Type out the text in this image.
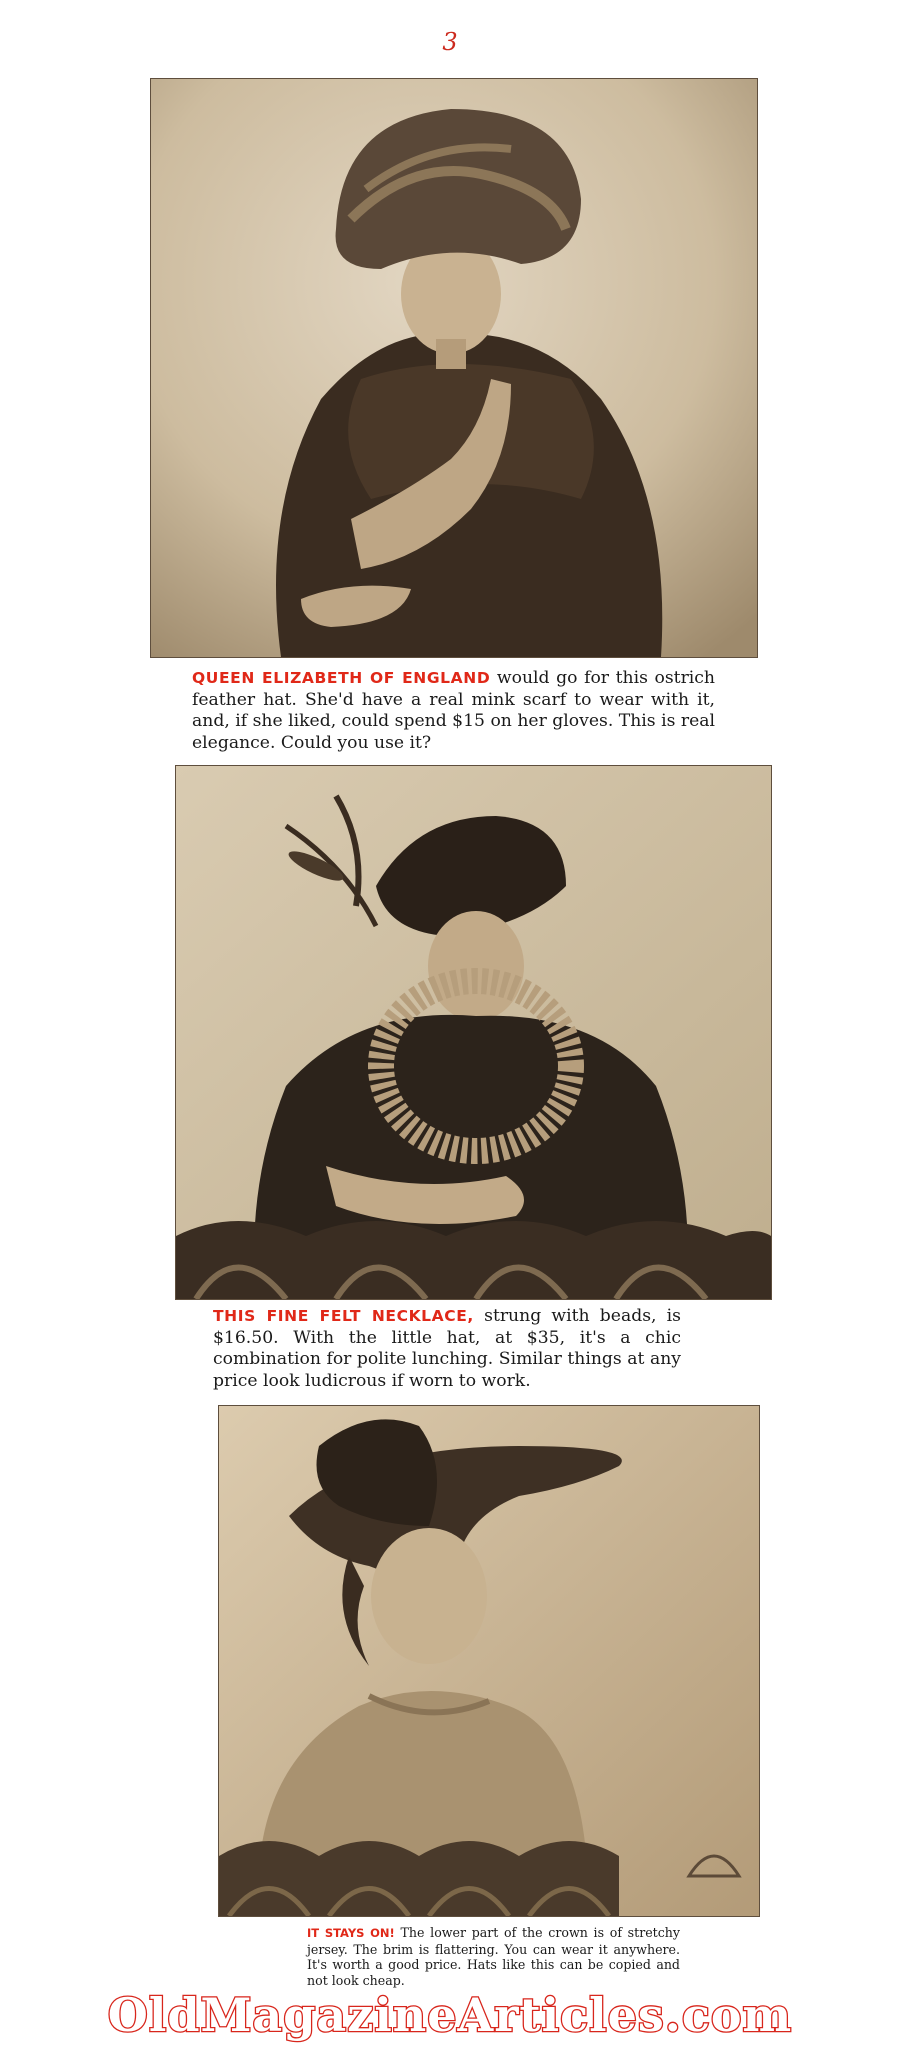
3
QUEEN ELIZABETH OF ENGLAND would go for this ostrich feather hat. She'd have a real mink scarf to wear with it, and, if she liked, could spend $15 on her gloves. This is real elegance. Could you use it?
THIS FINE FELT NECKLACE, strung with beads, is $16.50. With the little hat, at $35, it's a chic combination for polite lunching. Similar things at any price look ludicrous if worn to work.
IT STAYS ON! The lower part of the crown is of stretchy jersey. The brim is flattering. You can wear it anywhere. It's worth a good price. Hats like this can be copied and not look cheap.
OldMagazineArticles.com
